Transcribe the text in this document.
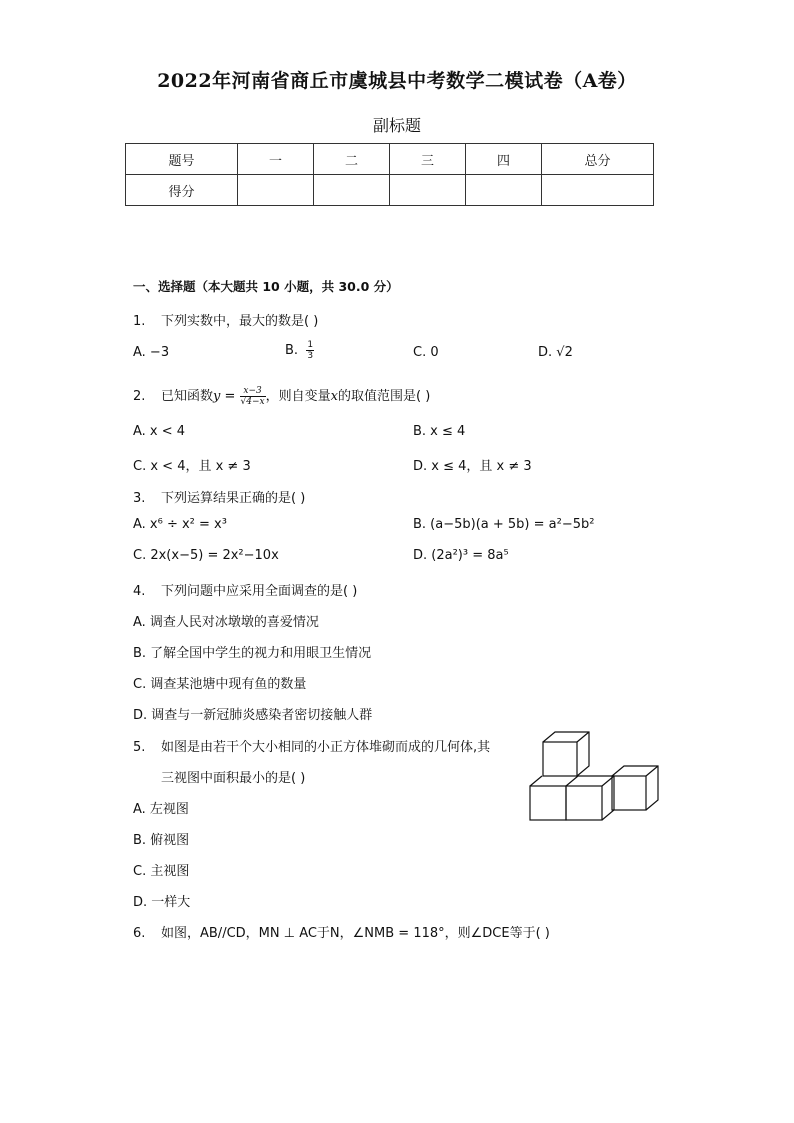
2022年河南省商丘市虞城县中考数学二模试卷（A卷）
副标题
题号	一	二	三	四	总分
得分					
一、选择题（本大题共 10 小题，共 30.0 分）
1. 下列实数中，最大的数是( )
A. −3	B. $\frac{1}{3}$	C. 0	D. √2
2. 已知函数$y = \frac{x-3}{√4-x}$ ，则自变量x的取值范围是( )
A. x < 4	B. x ≤ 4
C. x < 4，且 x ≠ 3	D. x ≤ 4，且 x ≠ 3
3. 下列运算结果正确的是( )
A. x⁶ ÷ x² = x³	B. (a−5b)(a + 5b) = a²−5b²
C. 2x(x−5) = 2x²−10x	D. (2a²)³ = 8a⁵
4. 下列问题中应采用全面调查的是( )
A. 调查人民对冰墩墩的喜爱情况
B. 了解全国中学生的视力和用眼卫生情况
C. 调查某池塘中现有鱼的数量
D. 调查与一新冠肺炎感染者密切接触人群
5. 如图是由若干个大小相同的小正方体堆砌而成的几何体,其
三视图中面积最小的是( )
A. 左视图
B. 俯视图
C. 主视图
D. 一样大
6. 如图，AB//CD，MN ⊥ AC于N，∠NMB = 118°，则∠DCE等于( )
